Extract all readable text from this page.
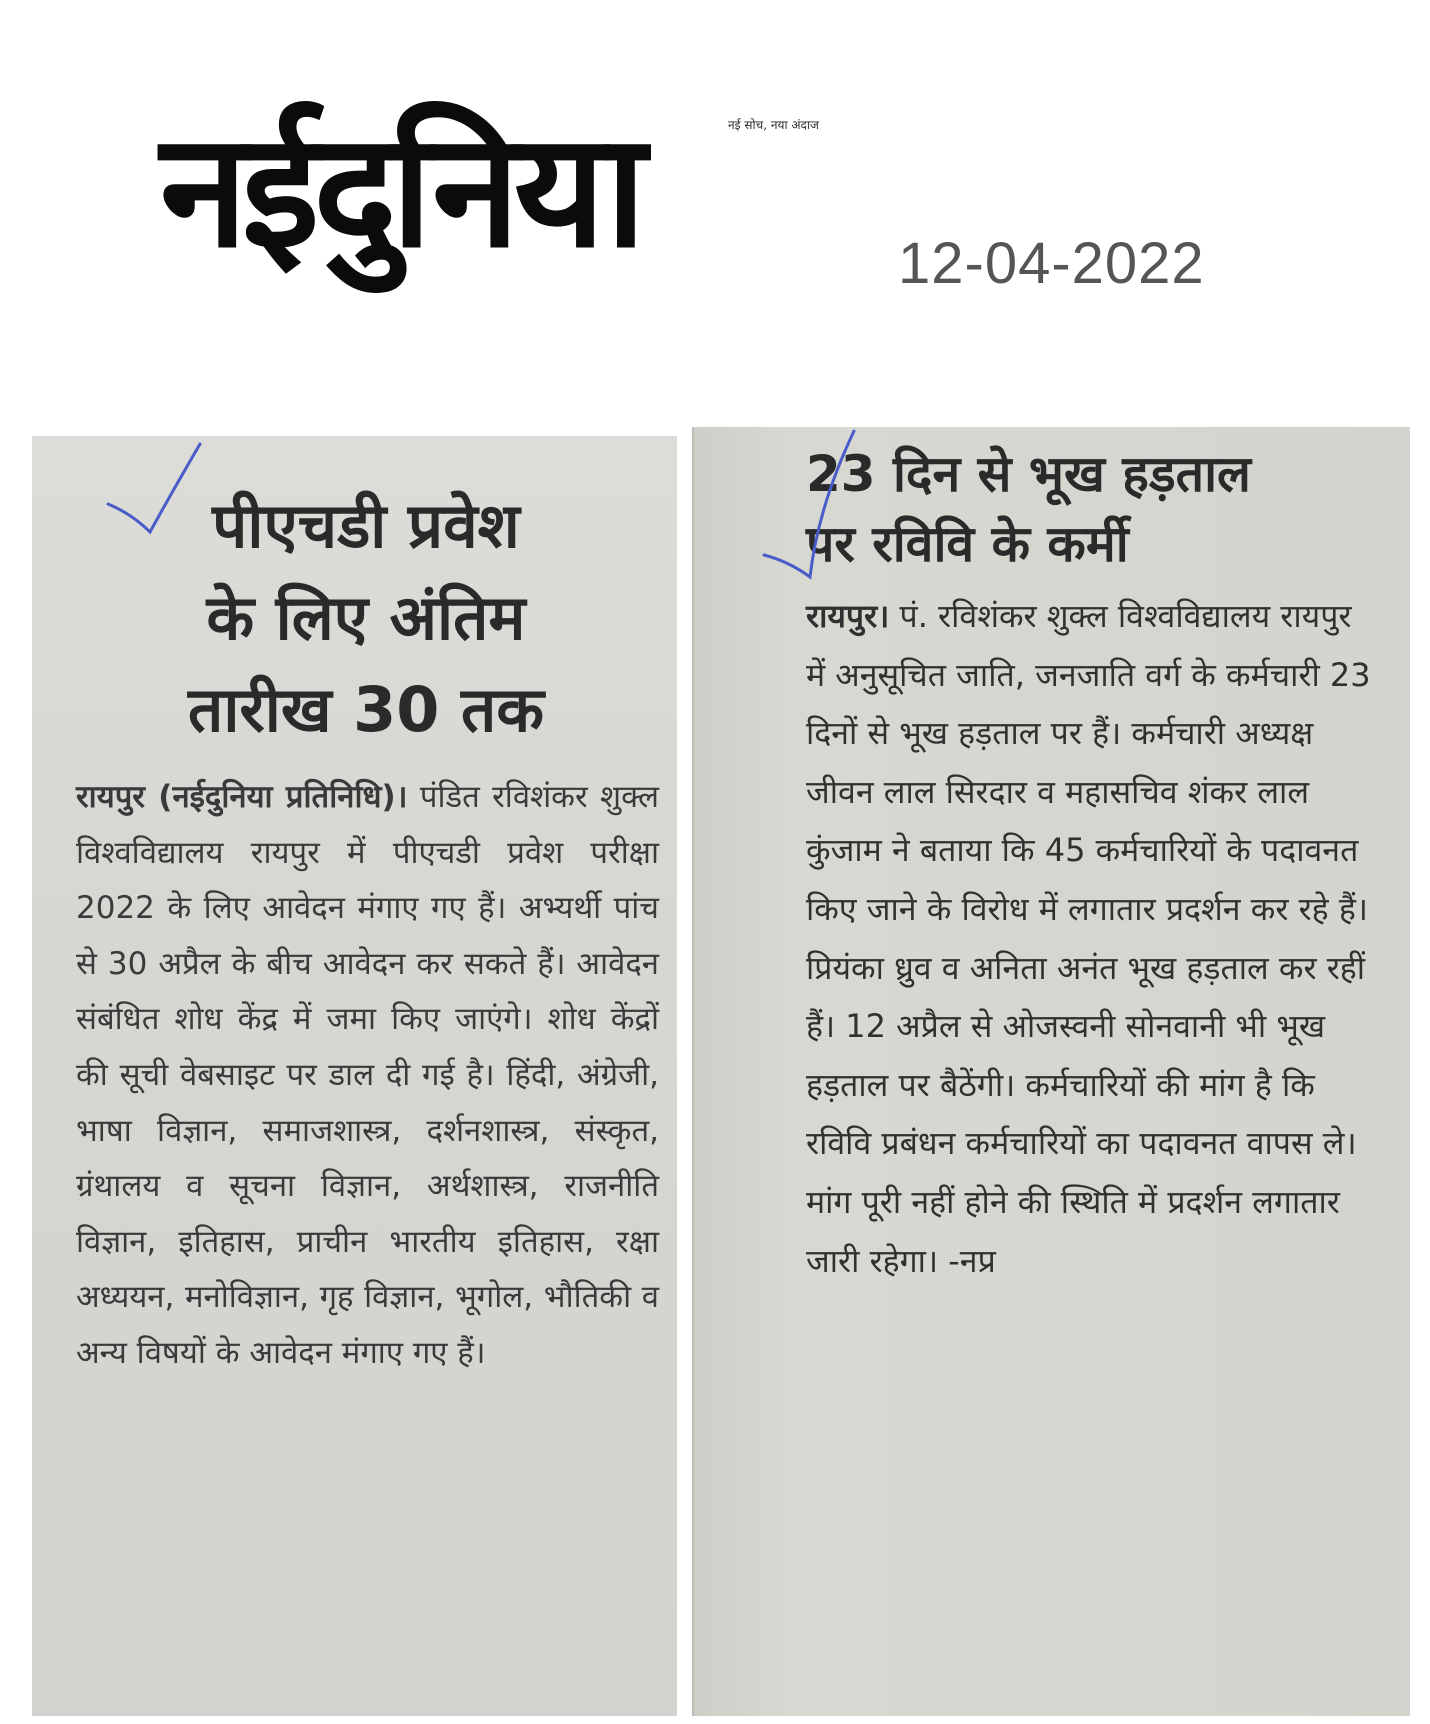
नईदुनिया	नई सोच, नया अंदाज
12-04-2022
पीएचडी प्रवेश
के लिए अंतिम
तारीख 30 तक

रायपुर (नईदुनिया प्रतिनिधि)। पंडित रविशंकर शुक्ल विश्वविद्यालय रायपुर में पीएचडी प्रवेश परीक्षा 2022 के लिए आवेदन मंगाए गए हैं। अभ्यर्थी पांच से 30 अप्रैल के बीच आवेदन कर सकते हैं। आवेदन संबंधित शोध केंद्र में जमा किए जाएंगे। शोध केंद्रों की सूची वेबसाइट पर डाल दी गई है। हिंदी, अंग्रेजी, भाषा विज्ञान, समाजशास्त्र, दर्शनशास्त्र, संस्कृत, ग्रंथालय व सूचना विज्ञान, अर्थशास्त्र, राजनीति विज्ञान, इतिहास, प्राचीन भारतीय इतिहास, रक्षा अध्ययन, मनोविज्ञान, गृह विज्ञान, भूगोल, भौतिकी व अन्य विषयों के आवेदन मंगाए गए हैं।

23 दिन से भूख हड़ताल
पर रविवि के कर्मी

रायपुर। पं. रविशंकर शुक्ल विश्वविद्यालय रायपुर में अनुसूचित जाति, जनजाति वर्ग के कर्मचारी 23 दिनों से भूख हड़ताल पर हैं। कर्मचारी अध्यक्ष जीवन लाल सिरदार व महासचिव शंकर लाल कुंजाम ने बताया कि 45 कर्मचारियों के पदावनत किए जाने के विरोध में लगातार प्रदर्शन कर रहे हैं। प्रियंका ध्रुव व अनिता अनंत भूख हड़ताल कर रहीं हैं। 12 अप्रैल से ओजस्वनी सोनवानी भी भूख हड़ताल पर बैठेंगी। कर्मचारियों की मांग है कि रविवि प्रबंधन कर्मचारियों का पदावनत वापस ले। मांग पूरी नहीं होने की स्थिति में प्रदर्शन लगातार जारी रहेगा। -नप्र
